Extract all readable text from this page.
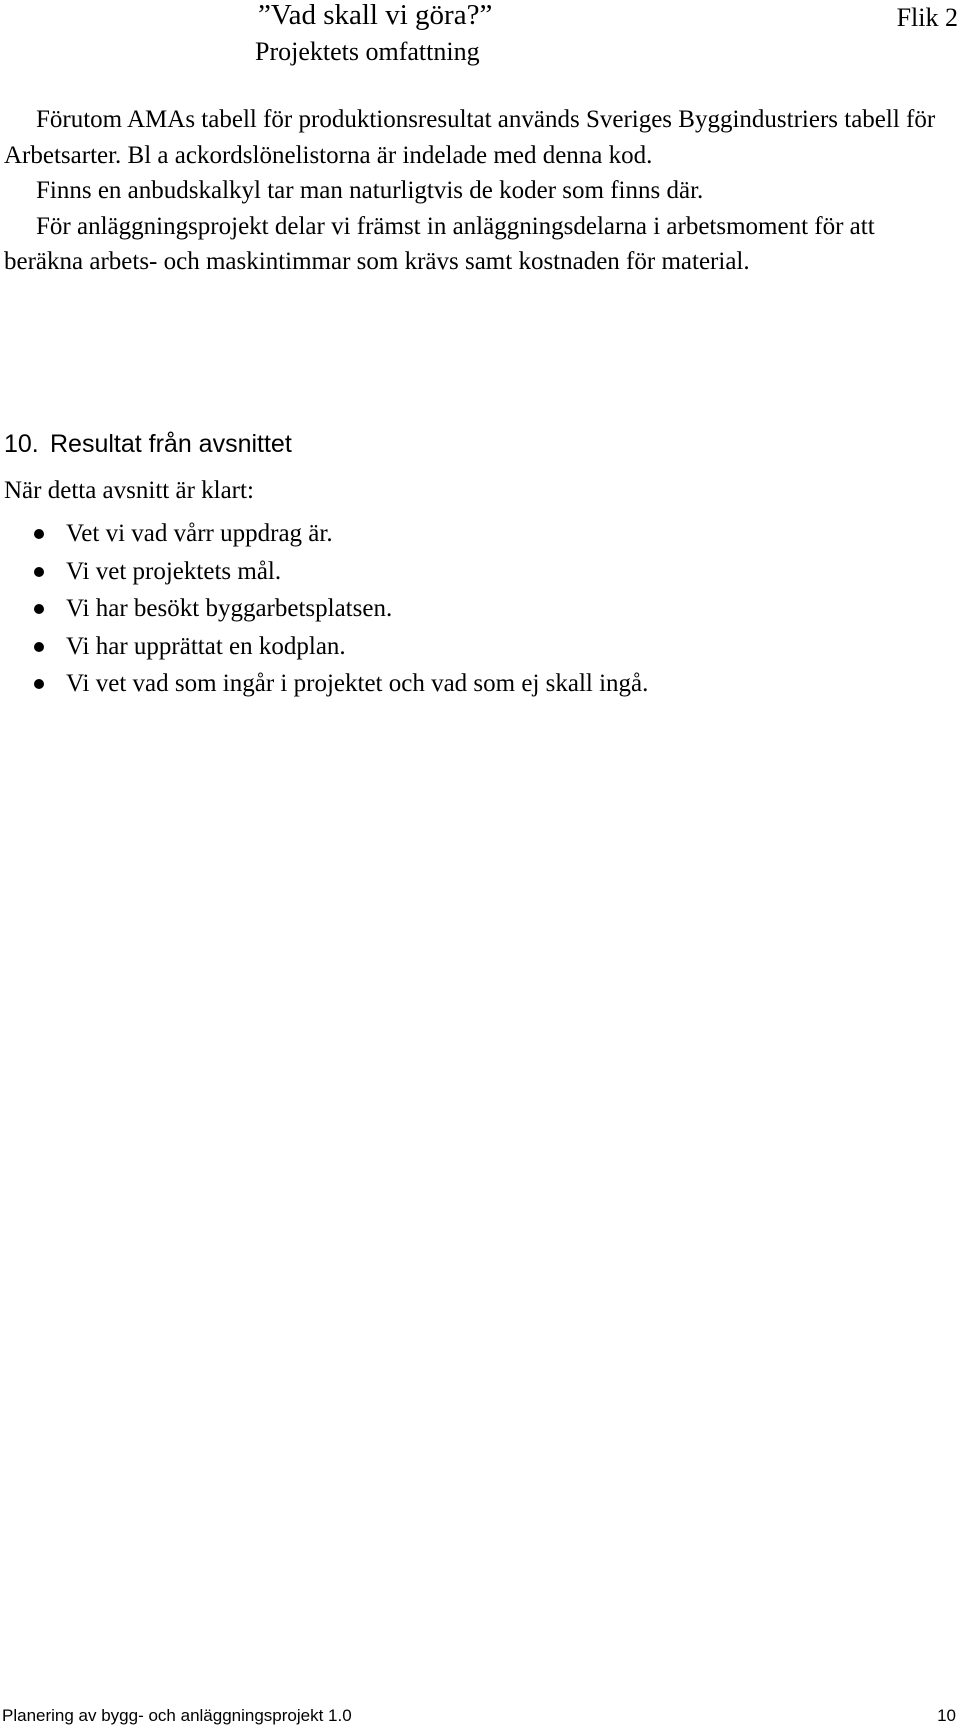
”Vad skall vi göra?”
Projektets omfattning
Flik 2

Förutom AMAs tabell för produktionsresultat används Sveriges Byggindustriers tabell för Arbetsarter. Bl a ackordslönelistorna är indelade med denna kod.

Finns en anbudskalkyl tar man naturligtvis de koder som finns där.

För anläggningsprojekt delar vi främst in anläggningsdelarna i arbetsmoment för att beräkna arbets- och maskintimmar som krävs samt kostnaden för material.

10. Resultat från avsnittet
När detta avsnitt är klart:
Vet vi vad vårr uppdrag är.
Vi vet projektets mål.
Vi har besökt byggarbetsplatsen.
Vi har upprättat en kodplan.
Vi vet vad som ingår i projektet och vad som ej skall ingå.
Planering av bygg- och anläggningsprojekt 1.0	10
